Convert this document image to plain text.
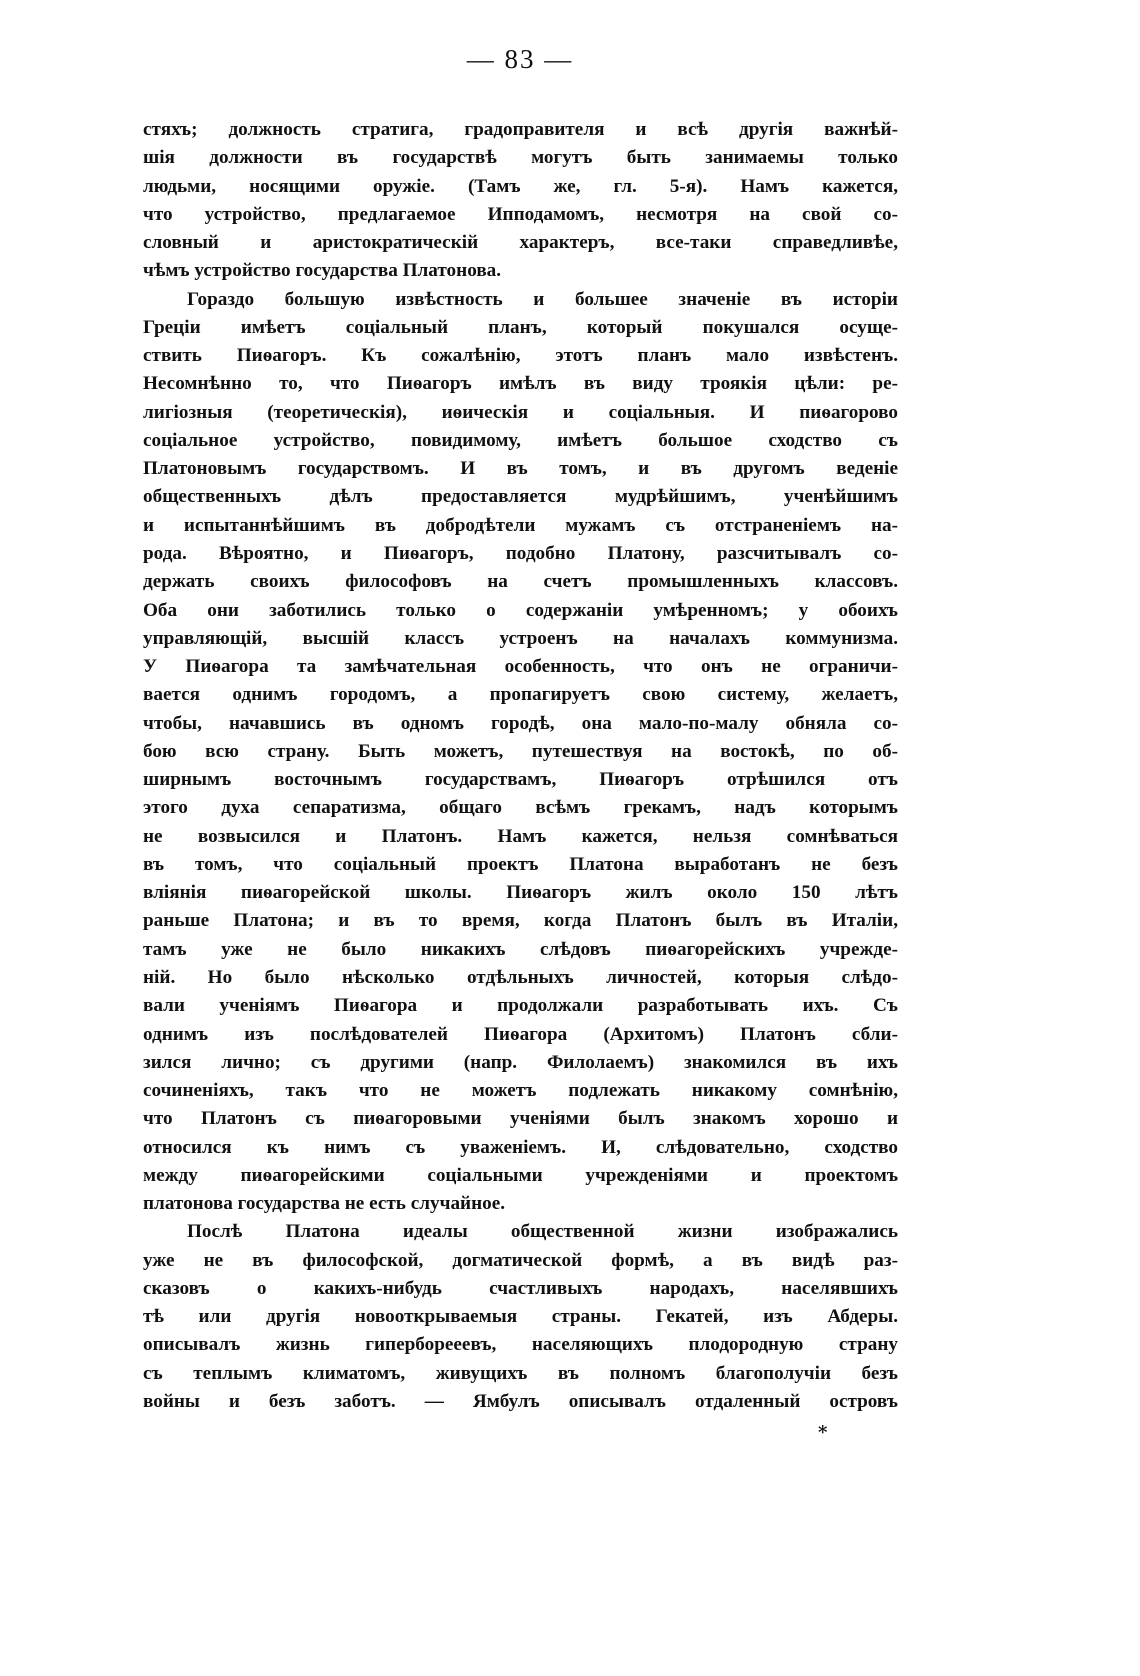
— 83 —
стяхъ; должность стратига, градоправителя и всѣ другія важнѣй-
шія должности въ государствѣ могутъ быть занимаемы только
людьми, носящими оружіе. (Тамъ же, гл. 5-я). Намъ кажется,
что устройство, предлагаемое Ипподамомъ, несмотря на свой со-
словный и аристократическій характеръ, все-таки справедливѣе,
чѣмъ устройство государства Платонова.
Гораздо большую извѣстность и большее значеніе въ исторіи
Греціи имѣетъ соціальный планъ, который покушался осуще-
ствить Пиѳагоръ. Къ сожалѣнію, этотъ планъ мало извѣстенъ.
Несомнѣнно то, что Пиѳагоръ имѣлъ въ виду троякія цѣли: ре-
лигіозныя (теоретическія), иѳическія и соціальныя. И пиѳагорово
соціальное устройство, повидимому, имѣетъ большое сходство съ
Платоновымъ государствомъ. И въ томъ, и въ другомъ веденіе
общественныхъ дѣлъ предоставляется мудрѣйшимъ, ученѣйшимъ
и испытаннѣйшимъ въ добродѣтели мужамъ съ отстраненіемъ на-
рода. Вѣроятно, и Пиѳагоръ, подобно Платону, разсчитывалъ со-
держать своихъ философовъ на счетъ промышленныхъ классовъ.
Оба они заботились только о содержаніи умѣренномъ; у обоихъ
управляющій, высшій классъ устроенъ на началахъ коммунизма.
У Пиѳагора та замѣчательная особенность, что онъ не ограничи-
вается однимъ городомъ, а пропагируетъ свою систему, желаетъ,
чтобы, начавшись въ одномъ городѣ, она мало-по-малу обняла со-
бою всю страну. Быть можетъ, путешествуя на востокѣ, по об-
ширнымъ восточнымъ государствамъ, Пиѳагоръ отрѣшился отъ
этого духа сепаратизма, общаго всѣмъ грекамъ, надъ которымъ
не возвысился и Платонъ. Намъ кажется, нельзя сомнѣваться
въ томъ, что соціальный проектъ Платона выработанъ не безъ
вліянія пиѳагорейской школы. Пиѳагоръ жилъ около 150 лѣтъ
раньше Платона; и въ то время, когда Платонъ былъ въ Италіи,
тамъ уже не было никакихъ слѣдовъ пиѳагорейскихъ учрежде-
ній. Но было нѣсколько отдѣльныхъ личностей, которыя слѣдо-
вали ученіямъ Пиѳагора и продолжали разработывать ихъ. Съ
однимъ изъ послѣдователей Пиѳагора (Архитомъ) Платонъ сбли-
зился лично; съ другими (напр. Филолаемъ) знакомился въ ихъ
сочиненіяхъ, такъ что не можетъ подлежать никакому сомнѣнію,
что Платонъ съ пиѳагоровыми ученіями былъ знакомъ хорошо и
относился къ нимъ съ уваженіемъ. И, слѣдовательно, сходство
между пиѳагорейскими соціальными учрежденіями и проектомъ
платонова государства не есть случайное.
Послѣ Платона идеалы общественной жизни изображались
уже не въ философской, догматической формѣ, а въ видѣ раз-
сказовъ о какихъ-нибудь счастливыхъ народахъ, населявшихъ
тѣ или другія новооткрываемыя страны. Гекатей, изъ Абдеры.
описывалъ жизнь гиперборееевъ, населяющихъ плодородную страну
съ теплымъ климатомъ, живущихъ въ полномъ благополучіи безъ
войны и безъ заботъ. — Ямбулъ описывалъ отдаленный островъ
*
